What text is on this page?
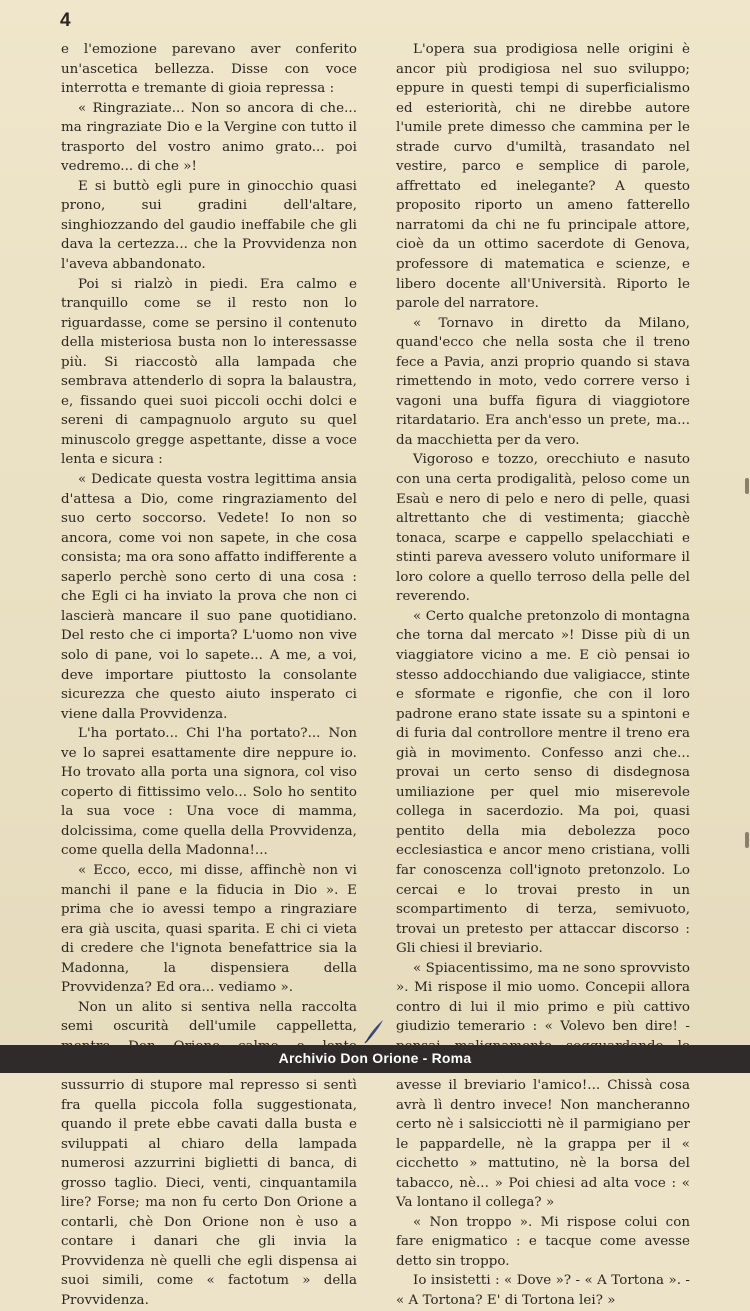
4

e l'emozione parevano aver conferito un'ascetica bellezza. Disse con voce interrotta e tremante di gioia repressa :

« Ringraziate... Non so ancora di che... ma ringraziate Dio e la Vergine con tutto il trasporto del vostro animo grato... poi vedremo... di che »!

E si buttò egli pure in ginocchio quasi prono, sui gradini dell'altare, singhiozzando del gaudio ineffabile che gli dava la certezza... che la Provvidenza non l'aveva abbandonato.

Poi si rialzò in piedi. Era calmo e tranquillo come se il resto non lo riguardasse, come se persino il contenuto della misteriosa busta non lo interessasse più. Si riaccostò alla lampada che sembrava attenderlo di sopra la balaustra, e, fissando quei suoi piccoli occhi dolci e sereni di campagnuolo arguto su quel minuscolo gregge aspettante, disse a voce lenta e sicura :

« Dedicate questa vostra legittima ansia d'attesa a Dio, come ringraziamento del suo certo soccorso. Vedete! Io non so ancora, come voi non sapete, in che cosa consista; ma ora sono affatto indifferente a saperlo perchè sono certo di una cosa : che Egli ci ha inviato la prova che non ci lascierà mancare il suo pane quotidiano. Del resto che ci importa? L'uomo non vive solo di pane, voi lo sapete... A me, a voi, deve importare piuttosto la consolante sicurezza che questo aiuto insperato ci viene dalla Provvidenza.

L'ha portato... Chi l'ha portato?... Non ve lo saprei esattamente dire neppure io. Ho trovato alla porta una signora, col viso coperto di fittissimo velo... Solo ho sentito la sua voce : Una voce di mamma, dolcissima, come quella della Provvidenza, come quella della Madonna!...

« Ecco, ecco, mi disse, affinchè non vi manchi il pane e la fiducia in Dio ». E prima che io avessi tempo a ringraziare era già uscita, quasi sparita. E chi ci vieta di credere che l'ignota benefattrice sia la Madonna, la dispensiera della Provvidenza? Ed ora... vediamo ».

Non un alito si sentiva nella raccolta semi oscurità dell'umile cappelletta, sussurrio di stupore mal represso si sentì fra quella piccola folla suggestionata, quando il prete ebbe cavati dalla busta e sviluppati al chiaro della lampada numerosi azzurrini biglietti di banca, di grosso taglio. Dieci, venti, cinquantamila lire? Forse; ma non fu certo Don Orione a contarli, chè Don Orione non è uso a contare i danari che gli invia la Provvidenza nè quelli che egli dispensa ai suoi simili, come « factotum » della Provvidenza.

L'opera sua prodigiosa nelle origini è ancor più prodigiosa nel suo sviluppo; eppure in questi tempi di superficialismo ed esteriorità, chi ne direbbe autore l'umile prete dimesso che cammina per le strade curvo d'umiltà, trasandato nel vestire, parco e semplice di parole, affrettato ed inelegante? A questo proposito riporto un ameno fatterello narratomi da chi ne fu principale attore, cioè da un ottimo sacerdote di Genova, professore di matematica e scienze, e libero docente all'Università. Riporto le parole del narratore.

« Tornavo in diretto da Milano, quand'ecco che nella sosta che il treno fece a Pavia, anzi proprio quando si stava rimettendo in moto, vedo correre verso i vagoni una buffa figura di viaggiotore ritardatario. Era anch'esso un prete, ma... da macchietta per da vero.

Vigoroso e tozzo, orecchiuto e nasuto con una certa prodigalità, peloso come un Esaù e nero di pelo e nero di pelle, quasi altrettanto che di vestimenta; giacchè tonaca, scarpe e cappello spelacchiati e stinti pareva avessero voluto uniformare il loro colore a quello terroso della pelle del reverendo.

« Certo qualche pretonzolo di montagna che torna dal mercato »! Disse più di un viaggiatore vicino a me. E ciò pensai io stesso addocchiando due valigiacce, stinte e sformate e rigonfie, che con il loro padrone erano state issate su a spintoni e di furia dal controllore mentre il treno era già in movimento. Confesso anzi che... provai un certo senso di disdegnosa umiliazione per quel mio miserevole collega in sacerdozio. Ma poi, quasi pentito della mia debolezza poco ecclesiastica e ancor meno cristiana, volli far conoscenza coll'ignoto pretonzolo. Lo cercai e lo trovai presto in un scompartimento di terza, semivuoto, trovai un pretesto per attaccar discorso : Gli chiesi il breviario.

« Spiacentissimo, ma ne sono sprovvisto ». Mi rispose il mio uomo. Concepii allora contro di lui il mio primo e più cattivo giudizio temerario : « Volevo ben dire! - avesse il breviario l'amico!... Chissà cosa avrà lì dentro invece! Non mancheranno certo nè i salsicciotti nè il parmigiano per le pappardelle, nè la grappa per il « cicchetto » mattutino, nè la borsa del tabacco, nè... » Poi chiesi ad alta voce : « Va lontano il collega? »

« Non troppo ». Mi rispose colui con fare enigmatico : e tacque come avesse detto sin troppo.

Io insistetti : « Dove »? - « A Tortona ». - « A Tortona? E' di Tortona lei? »

Archivio Don Orione - Roma
